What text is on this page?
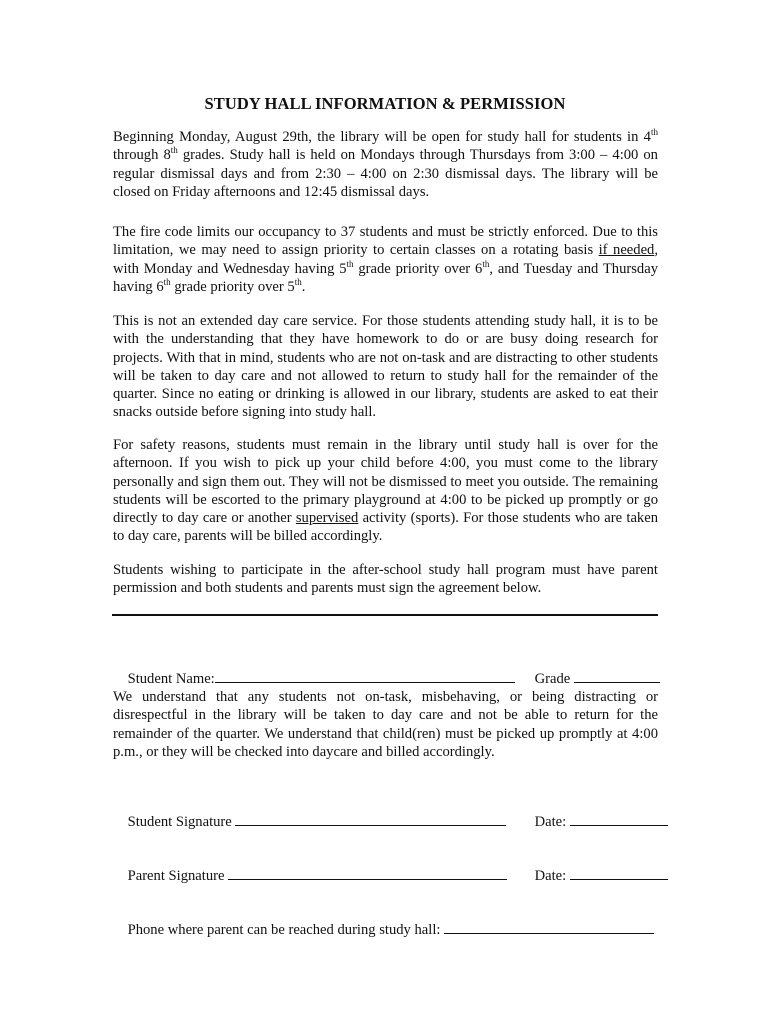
STUDY HALL INFORMATION & PERMISSION

Beginning Monday, August 29th, the library will be open for study hall for students in 4th through 8th grades. Study hall is held on Mondays through Thursdays from 3:00 – 4:00 on regular dismissal days and from 2:30 – 4:00 on 2:30 dismissal days. The library will be closed on Friday afternoons and 12:45 dismissal days.

The fire code limits our occupancy to 37 students and must be strictly enforced. Due to this limitation, we may need to assign priority to certain classes on a rotating basis if needed, with Monday and Wednesday having 5th grade priority over 6th, and Tuesday and Thursday having 6th grade priority over 5th.

This is not an extended day care service. For those students attending study hall, it is to be with the understanding that they have homework to do or are busy doing research for projects. With that in mind, students who are not on-task and are distracting to other students will be taken to day care and not allowed to return to study hall for the remainder of the quarter. Since no eating or drinking is allowed in our library, students are asked to eat their snacks outside before signing into study hall.

For safety reasons, students must remain in the library until study hall is over for the afternoon. If you wish to pick up your child before 4:00, you must come to the library personally and sign them out. They will not be dismissed to meet you outside. The remaining students will be escorted to the primary playground at 4:00 to be picked up promptly or go directly to day care or another supervised activity (sports). For those students who are taken to day care, parents will be billed accordingly.

Students wishing to participate in the after-school study hall program must have parent permission and both students and parents must sign the agreement below.

Student Name:
	Grade

We understand that any students not on-task, misbehaving, or being distracting or disrespectful in the library will be taken to day care and not be able to return for the remainder of the quarter. We understand that child(ren) must be picked up promptly at 4:00 p.m., or they will be checked into daycare and billed accordingly.

Student Signature
	Date:

Parent Signature
	Date:

Phone where parent can be reached during study hall:
